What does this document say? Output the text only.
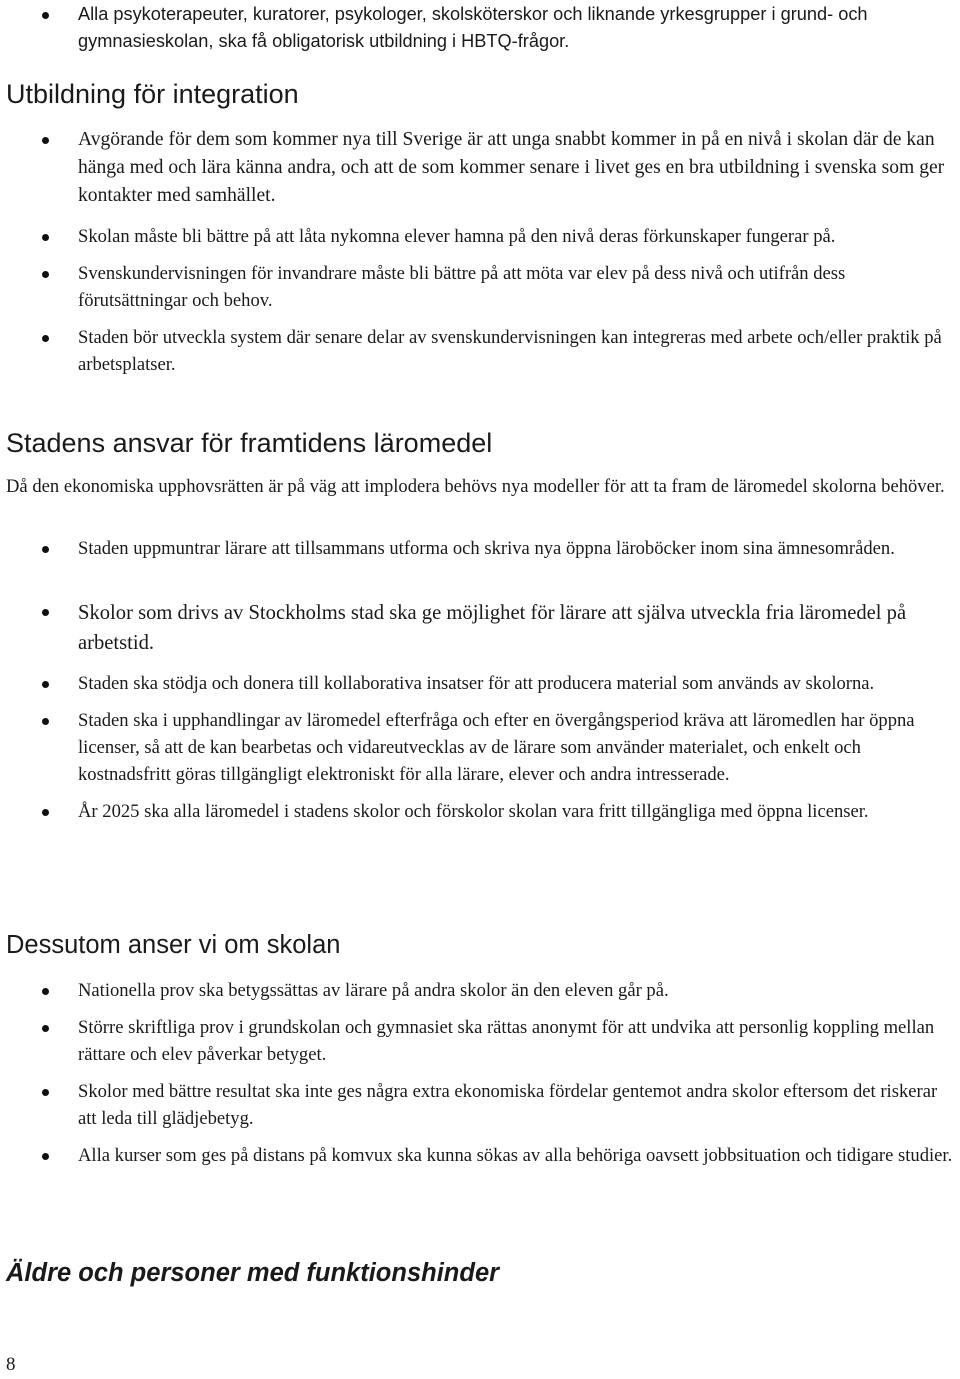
Alla psykoterapeuter, kuratorer, psykologer, skolsköterskor och liknande yrkesgrupper i grund- och gymnasieskolan, ska få obligatorisk utbildning i HBTQ-frågor.
Utbildning för integration
Avgörande för dem som kommer nya till Sverige är att unga snabbt kommer in på en nivå i skolan där de kan hänga med och lära känna andra, och att de som kommer senare i livet ges en bra utbildning i svenska som ger kontakter med samhället.
Skolan måste bli bättre på att låta nykomna elever hamna på den nivå deras förkunskaper fungerar på.
Svenskundervisningen för invandrare måste bli bättre på att möta var elev på dess nivå och utifrån dess förutsättningar och behov.
Staden bör utveckla system där senare delar av svenskundervisningen kan integreras med arbete och/eller praktik på arbetsplatser.
Stadens ansvar för framtidens läromedel

Då den ekonomiska upphovsrätten är på väg att implodera behövs nya modeller för att ta fram de läromedel skolorna behöver.

Staden uppmuntrar lärare att tillsammans utforma och skriva nya öppna läroböcker inom sina ämnesområden.
Skolor som drivs av Stockholms stad ska ge möjlighet för lärare att själva utveckla fria läromedel på arbetstid.
Staden ska stödja och donera till kollaborativa insatser för att producera material som används av skolorna.
Staden ska i upphandlingar av läromedel efterfråga och efter en övergångsperiod kräva att läromedlen har öppna licenser, så att de kan bearbetas och vidareutvecklas av de lärare som använder materialet, och enkelt och kostnadsfritt göras tillgängligt elektroniskt för alla lärare, elever och andra intresserade.
År 2025 ska alla läromedel i stadens skolor och förskolor skolan vara fritt tillgängliga med öppna licenser.
Dessutom anser vi om skolan
Nationella prov ska betygssättas av lärare på andra skolor än den eleven går på.
Större skriftliga prov i grundskolan och gymnasiet ska rättas anonymt för att undvika att personlig koppling mellan rättare och elev påverkar betyget.
Skolor med bättre resultat ska inte ges några extra ekonomiska fördelar gentemot andra skolor eftersom det riskerar att leda till glädjebetyg.
Alla kurser som ges på distans på komvux ska kunna sökas av alla behöriga oavsett jobbsituation och tidigare studier.
Äldre och personer med funktionshinder
8
